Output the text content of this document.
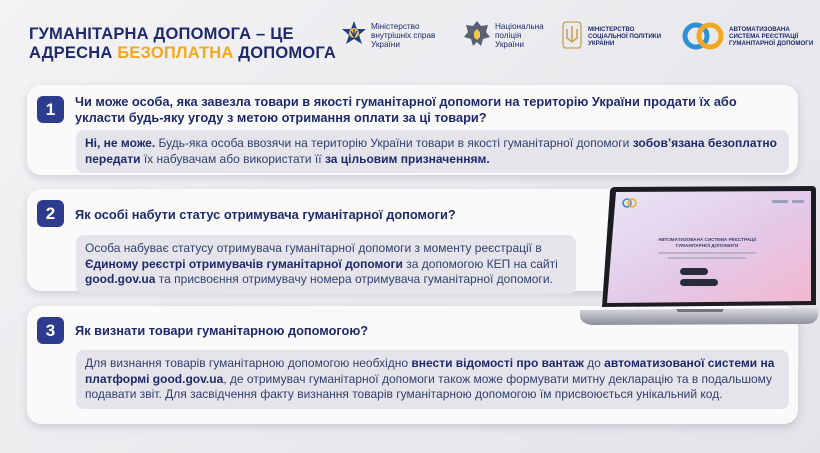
ГУМАНІТАРНА ДОПОМОГА – ЦЕ
АДРЕСНА БЕЗОПЛАТНА ДОПОМОГА
Міністерство
внутрішніх справ
України
Національна
поліція
України
МІНІСТЕРСТВО
СОЦІАЛЬНОЇ ПОЛІТИКИ
УКРАЇНИ
АВТОМАТИЗОВАНА
СИСТЕМА РЕЄСТРАЦІЇ
ГУМАНІТАРНОЇ ДОПОМОГИ
1	Чи може особа, яка завезла товари в якості гуманітарної допомоги на територію України продати їх або
укласти будь-яку угоду з метою отримання оплати за ці товари?
Ні, не може. Будь-яка особа ввозячи на територію України товари в якості гуманітарної допомоги зобов’язана безоплатно передати їх набувачам або використати її за цільовим призначенням.
2	Як особі набути статус отримувача гуманітарної допомоги?
Особа набуває статусу отримувача гуманітарної допомоги з моменту реєстрації в Єдиному реєстрі отримувачів гуманітарної допомоги за допомогою КЕП на сайті good.gov.ua та присвоєння отримувачу номера отримувача гуманітарної допомоги.
3	Як визнати товари гуманітарною допомогою?
Для визнання товарів гуманітарною допомогою необхідно внести відомості про вантаж до автоматизованої системи на платформі good.gov.ua, де отримувач гуманітарної допомоги також може формувати митну декларацію та в подальшому подавати звіт. Для засвідчення факту визнання товарів гуманітарною допомогою їм присвоюється унікальний код.
АВТОМАТИЗОВАНА СИСТЕМА РЕЄСТРАЦІЇ
ГУМАНІТАРНОЇ ДОПОМОГИ
